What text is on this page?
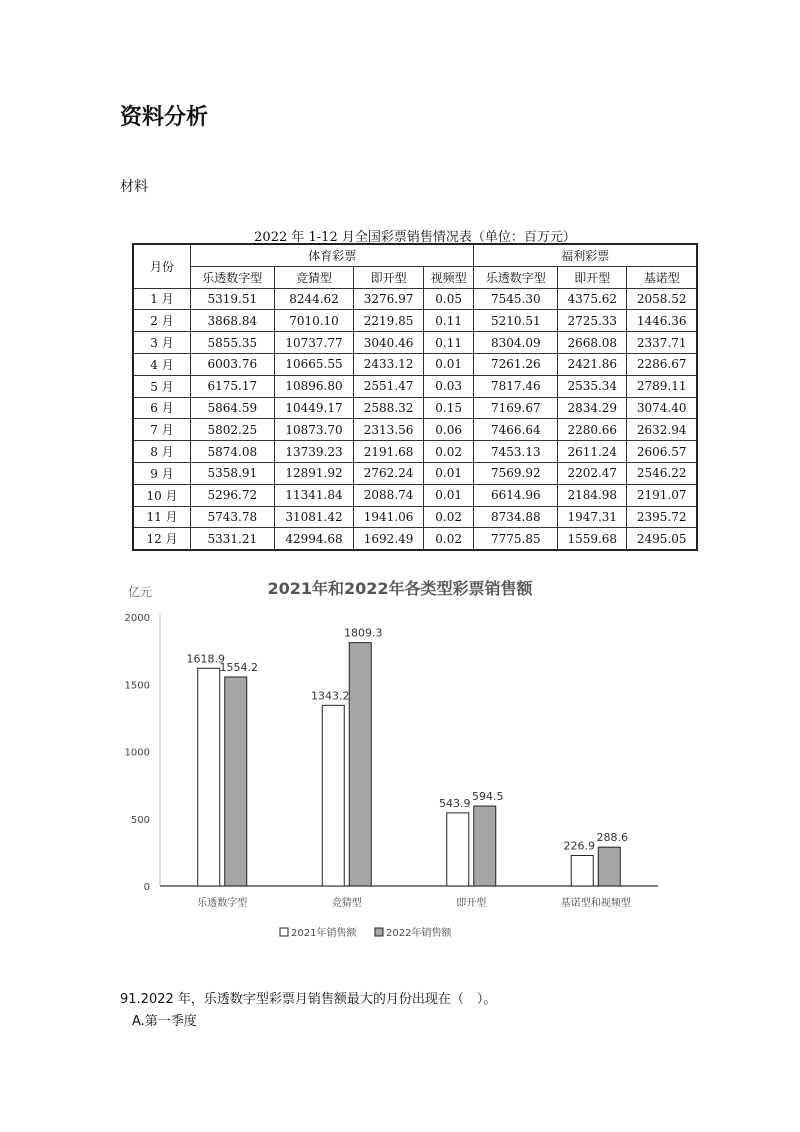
资料分析
材料
2022 年 1-12 月全国彩票销售情况表（单位：百万元）
月份	体育彩票				福利彩票		
	乐透数字型	竞猜型	即开型	视频型	乐透数字型	即开型	基诺型
1 月	5319.51	8244.62	3276.97	0.05	7545.30	4375.62	2058.52
2 月	3868.84	7010.10	2219.85	0.11	5210.51	2725.33	1446.36
3 月	5855.35	10737.77	3040.46	0.11	8304.09	2668.08	2337.71
4 月	6003.76	10665.55	2433.12	0.01	7261.26	2421.86	2286.67
5 月	6175.17	10896.80	2551.47	0.03	7817.46	2535.34	2789.11
6 月	5864.59	10449.17	2588.32	0.15	7169.67	2834.29	3074.40
7 月	5802.25	10873.70	2313.56	0.06	7466.64	2280.66	2632.94
8 月	5874.08	13739.23	2191.68	0.02	7453.13	2611.24	2606.57
9 月	5358.91	12891.92	2762.24	0.01	7569.92	2202.47	2546.22
10 月	5296.72	11341.84	2088.74	0.01	6614.96	2184.98	2191.07
11 月	5743.78	31081.42	1941.06	0.02	8734.88	1947.31	2395.72
12 月	5331.21	42994.68	1692.49	0.02	7775.85	1559.68	2495.05
2021年和2022年各类型彩票销售额
亿元
0
500
1000
1500
2000
乐透数字型
1618.9
1554.2
竞猜型
1343.2
1809.3
即开型
543.9
594.5
基诺型和视频型
226.9
288.6
2021年销售额	2022年销售额
91.2022 年，乐透数字型彩票月销售额最大的月份出现在（　）。
A.第一季度
